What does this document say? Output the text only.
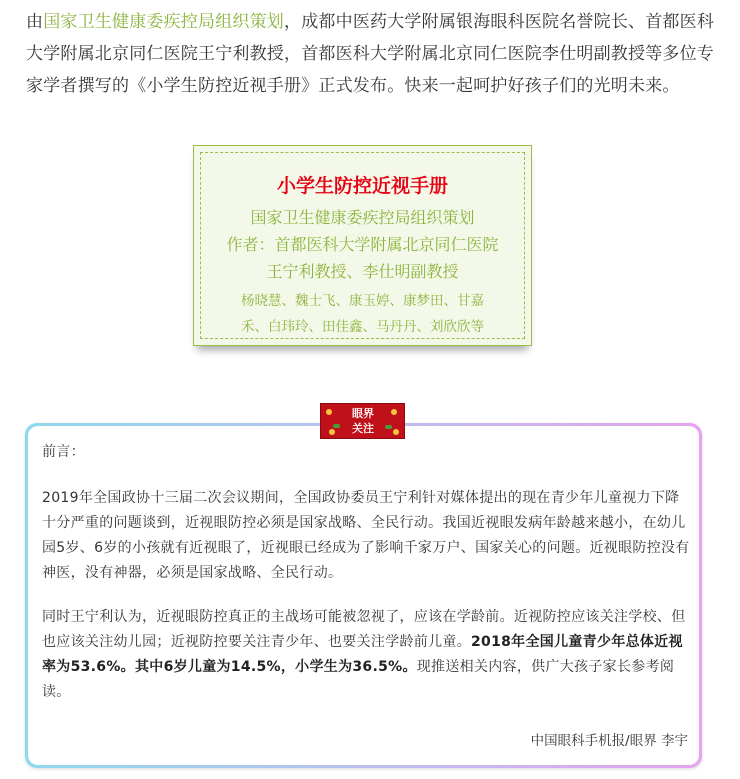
由国家卫生健康委疾控局组织策划，成都中医药大学附属银海眼科医院名誉院长、首都医科大学附属北京同仁医院王宁利教授，首都医科大学附属北京同仁医院李仕明副教授等多位专家学者撰写的《小学生防控近视手册》正式发布。快来一起呵护好孩子们的光明未来。
小学生防控近视手册
国家卫生健康委疾控局组织策划
作者：首都医科大学附属北京同仁医院
王宁利教授、李仕明副教授
杨晓慧、魏士飞、康玉婷、康梦田、甘嘉
禾、白玮玲、田佳鑫、马丹丹、刘欣欣等
眼界
关注
前言：
2019年全国政协十三届二次会议期间，全国政协委员王宁利针对媒体提出的现在青少年儿童视力下降十分严重的问题谈到，近视眼防控必须是国家战略、全民行动。我国近视眼发病年龄越来越小，在幼儿园5岁、6岁的小孩就有近视眼了，近视眼已经成为了影响千家万户、国家关心的问题。近视眼防控没有神医，没有神器，必须是国家战略、全民行动。
同时王宁利认为，近视眼防控真正的主战场可能被忽视了，应该在学龄前。近视防控应该关注学校、但也应该关注幼儿园；近视防控要关注青少年、也要关注学龄前儿童。2018年全国儿童青少年总体近视率为53.6%。其中6岁儿童为14.5%，小学生为36.5%。现推送相关内容，供广大孩子家长参考阅读。
中国眼科手机报/眼界 李宇
